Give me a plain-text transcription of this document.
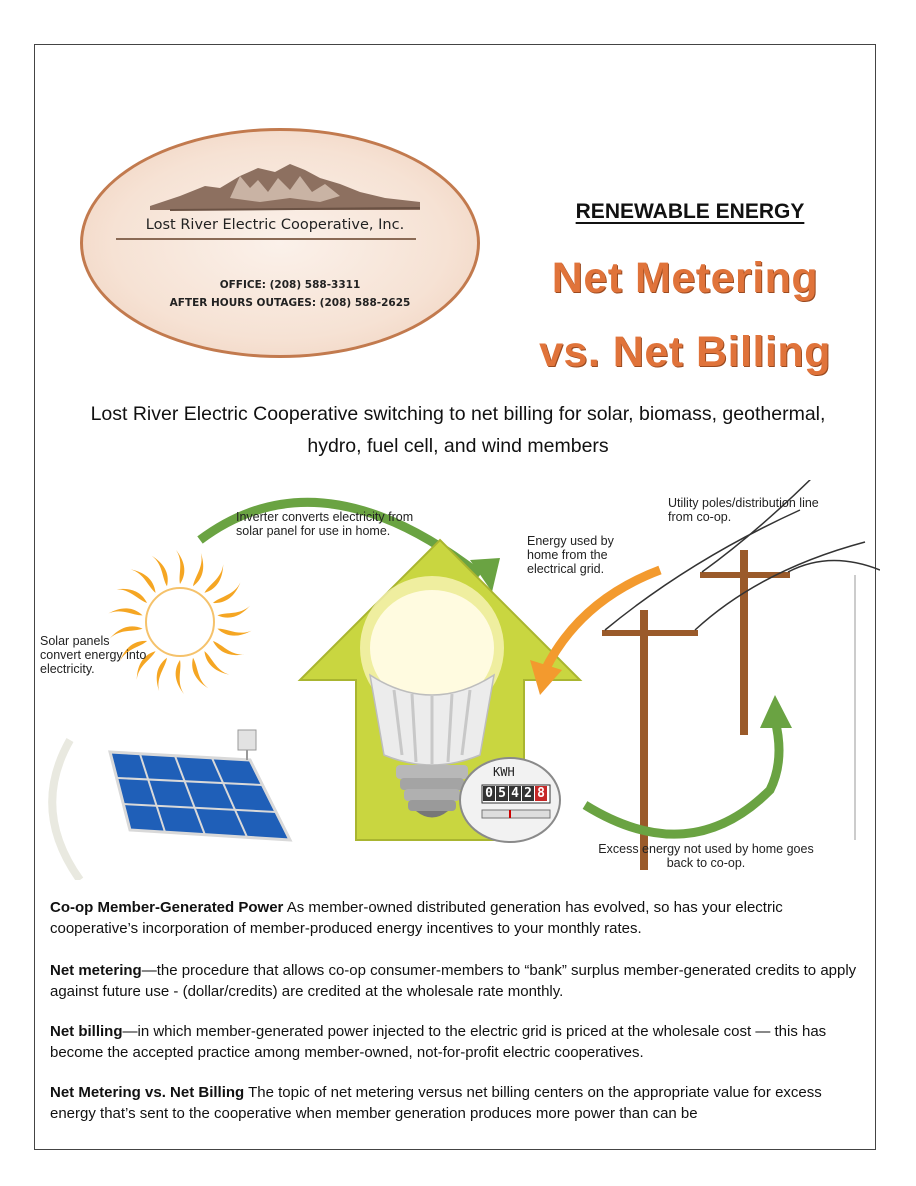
Lost River Electric Cooperative, Inc.
OFFICE: (208) 588-3311
AFTER HOURS OUTAGES: (208) 588-2625
RENEWABLE ENERGY
Net Metering
vs. Net Billing
Lost River Electric Cooperative switching to net billing for solar, biomass, geothermal, hydro, fuel cell, and wind members
KWH
0 5 4 2 8
Inverter converts electricity from solar panel for use in home.
Energy used by home from the electrical grid.
Utility poles/distribution line from co-op.
Solar panels convert energy into electricity.
Excess energy not used by home goes back to co-op.
Co-op Member-Generated Power As member-owned distributed generation has evolved, so has your electric cooperative’s incorporation of member-produced energy incentives to your monthly rates.
Net metering—the procedure that allows co-op consumer-members to “bank” surplus member-generated credits to apply against future use - (dollar/credits) are credited at the wholesale rate monthly.
Net billing—in which member-generated power injected to the electric grid is priced at the wholesale cost — this has become the accepted practice among member-owned, not-for-profit electric cooperatives.
Net Metering vs. Net Billing The topic of net metering versus net billing centers on the appropriate value for excess energy that’s sent to the cooperative when member generation produces more power than can be
